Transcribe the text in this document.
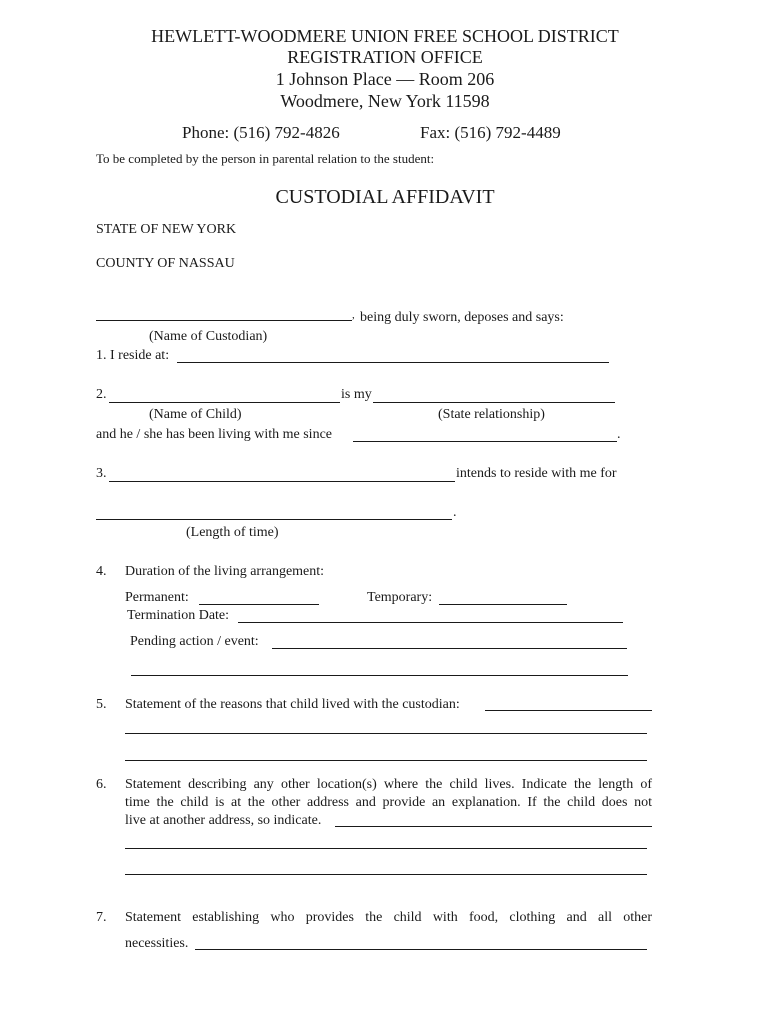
HEWLETT-WOODMERE UNION FREE SCHOOL DISTRICT
REGISTRATION OFFICE
1 Johnson Place — Room 206
Woodmere, New York 11598
Phone: (516) 792-4826	Fax: (516) 792-4489
To be completed by the person in parental relation to the student:
CUSTODIAL AFFIDAVIT
STATE OF NEW YORK
COUNTY OF NASSAU
, being duly sworn, deposes and says:
(Name of Custodian)
1. I reside at:
2.	is my
(Name of Child)	(State relationship)
and he / she has been living with me since	.
3.	intends to reside with me for
.
(Length of time)
4. Duration of the living arrangement:
Permanent:	Temporary:
Termination Date:
Pending action / event:
5. Statement of the reasons that child lived with the custodian:
6. Statement describing any other location(s) where the child lives. Indicate the length of
time the child is at the other address and provide an explanation. If the child does not
live at another address, so indicate.
7. Statement establishing who provides the child with food, clothing and all other
necessities.
